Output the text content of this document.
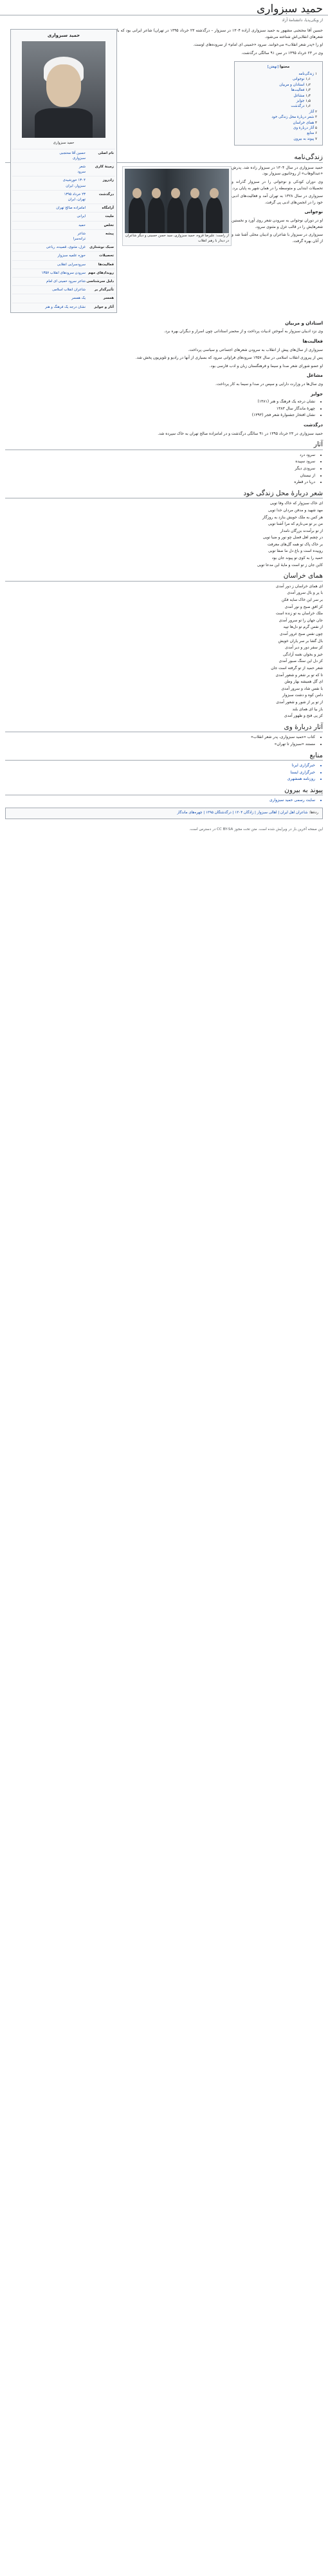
حمید سبزواری
از ویکی‌پدیا، دانشنامهٔ آزاد
حمید سبزواری
حمید سبزواری
نام اصلی
حسین آقا محتجبی
سبزواری
زمینهٔ کاری
شعر
سرود
زادروز
۱۳۰۴ خورشیدی
سبزوار، ایران
درگذشت
۲۳ خرداد ۱۳۹۵
تهران، ایران
آرامگاه
امامزاده صالح تهران
ملیت
ایرانی
تخلص
حمید
پیشه
شاعر
ترانه‌سرا
سبک نوشتاری
غزل، مثنوی، قصیده، رباعی
تحصیلات
حوزه علمیه سبزوار
فعالیت‌ها
سرودسرایی انقلابی
رویدادهای مهم
سرودن سرودهای انقلاب ۱۳۵۷
دلیل سرشناسی
شاعر سرود خمینی ای امام
تأثیرگذار بر
شاعران انقلاب اسلامی
همسر
یک همسر
آثار و جوایز
نشان درجه یک فرهنگ و هنر

حسین آقا محتجبی مشهور به حمید سبزواری (زاده ۱۳۰۴ در سبزوار – درگذشته ۲۳ خرداد ۱۳۹۵ در تهران) شاعر ایرانی بود که با شعرهای انقلابی‌اش شناخته می‌شود.

او را «پدر شعر انقلاب» می‌خوانند. سرود «خمینی ای امام» از سروده‌های اوست.

وی در ۲۳ خرداد ۱۳۹۵ در سن ۹۱ سالگی درگذشت.

محتوا [نهفتن]
۱ زندگی‌نامه
۱٫۱ نوجوانی
۱٫۲ استادان و مربیان
۱٫۳ فعالیت‌ها
۱٫۴ مشاغل
۱٫۵ جوایز
۱٫۶ درگذشت
۲ آثار
۳ شعر دربارهٔ محل زندگی خود
۴ همای خراسان
۵ آثار دربارهٔ وی
۶ منابع
۷ پیوند به بیرون
زندگی‌نامه
از راست: علیرضا قزوه، حمید سبزواری، سید حسن حسینی و دیگر شاعران در دیدار با رهبر انقلاب

حمید سبزواری در سال ۱۳۰۴ در سبزوار زاده شد. پدرش «عبدالوهاب» از روحانیون سبزوار بود.

وی دوران کودکی و نوجوانی را در سبزوار گذراند و تحصیلات ابتدایی و متوسطه را در همان شهر به پایان برد.

سبزواری در سال ۱۳۲۸ به تهران آمد و فعالیت‌های ادبی خود را در انجمن‌های ادبی پی گرفت.

نوجوانی

او در دوران نوجوانی به سرودن شعر روی آورد و نخستین شعرهایش را در قالب غزل و مثنوی سرود.

سبزواری در سبزوار با شاعران و ادیبان محلی آشنا شد و از آنان بهره گرفت.

استادان و مربیان

وی نزد ادیبان سبزوار به آموختن ادبیات پرداخت و از محضر استادانی چون اسرار و دیگران بهره برد.

فعالیت‌ها

سبزواری از سال‌های پیش از انقلاب به سرودن شعرهای اجتماعی و سیاسی پرداخت.

پس از پیروزی انقلاب اسلامی در سال ۱۳۵۷ سرودهای فراوانی سرود که بسیاری از آنها در رادیو و تلویزیون پخش شد.

او عضو شورای شعر صدا و سیما و فرهنگستان زبان و ادب فارسی بود.

مشاغل

وی سال‌ها در وزارت دارایی و سپس در صدا و سیما به کار پرداخت.

جوایز
• نشان درجه یک فرهنگ و هنر (۱۳۸۱)
• چهرهٔ ماندگار سال ۱۳۸۳
• نشان افتخار جشنوارهٔ شعر فجر (۱۳۹۳)
درگذشت

حمید سبزواری در ۲۳ خرداد ۱۳۹۵ در ۹۱ سالگی درگذشت و در امامزاده صالح تهران به خاک سپرده شد.

آثار
• سرود درد
• سرود سپیده
• سرودی دیگر
• از نیستان
• دریا در قطره
شعر دربارهٔ محل زندگی خود
ای خاک سبزوار که خاک وفا تویی
مهد شهید و مدفن مردان خدا تویی
هر کس به ملک خویش بنازد به روزگار
من بر تو می‌نازم که مرا آشنا تویی
از تو برآمدند بزرگان نامدار
در چشم اهل فضل چو نور و ضیا تویی
بر خاک پاک تو همه گل‌های معرفت
روییده است و باغ دل ما صفا تویی
حمید را به کوی تو پیوند جان بود
کاین جان ز تو است و مایهٔ این مدعا تویی
همای خراسان
ای همای خراسان ز دور آمدی
با پر و بال سرور آمدی
بر سر این خاک سایه فکن
کز افق صبح و نور آمدی
ملک خراسان به تو زنده است
جان جهان را تو سرور آمدی
از نفس گرم تو دل‌ها تپید
چون نفس صبح غرور آمدی
بال گشا بر سر یاران خویش
کز سفر دور و دیر آمدی
خیز و بخوان نغمه آزادگی
کز دل این سنگ صبور آمدی
شعر حمید از تو گرفته است جان
تا که تو بر شعر و شعور آمدی
ای گل همیشه بهار وطن
با نفس شاد و سرور آمدی
دامن کوه و دشت سبزوار
از تو پر از شور و شعور آمدی
باز بیا ای همای بلند
کز پی فتح و ظهور آمدی
آثار دربارهٔ وی
• کتاب «حمید سبزواری، پدر شعر انقلاب»
• مستند «سبزوار تا تهران»
منابع
• خبرگزاری ایرنا
• خبرگزاری ایسنا
• روزنامه همشهری
پیوند به بیرون
• سایت رسمی حمید سبزواری
ردهٔ‌ها: شاعران اهل ایران | اهالی سبزوار | زادگان ۱۳۰۴ | درگذشتگان ۱۳۹۵ | چهره‌های ماندگار
این صفحه آخرین بار در ویرایش شده است. متن تحت مجوز CC BY-SA در دسترس است.
